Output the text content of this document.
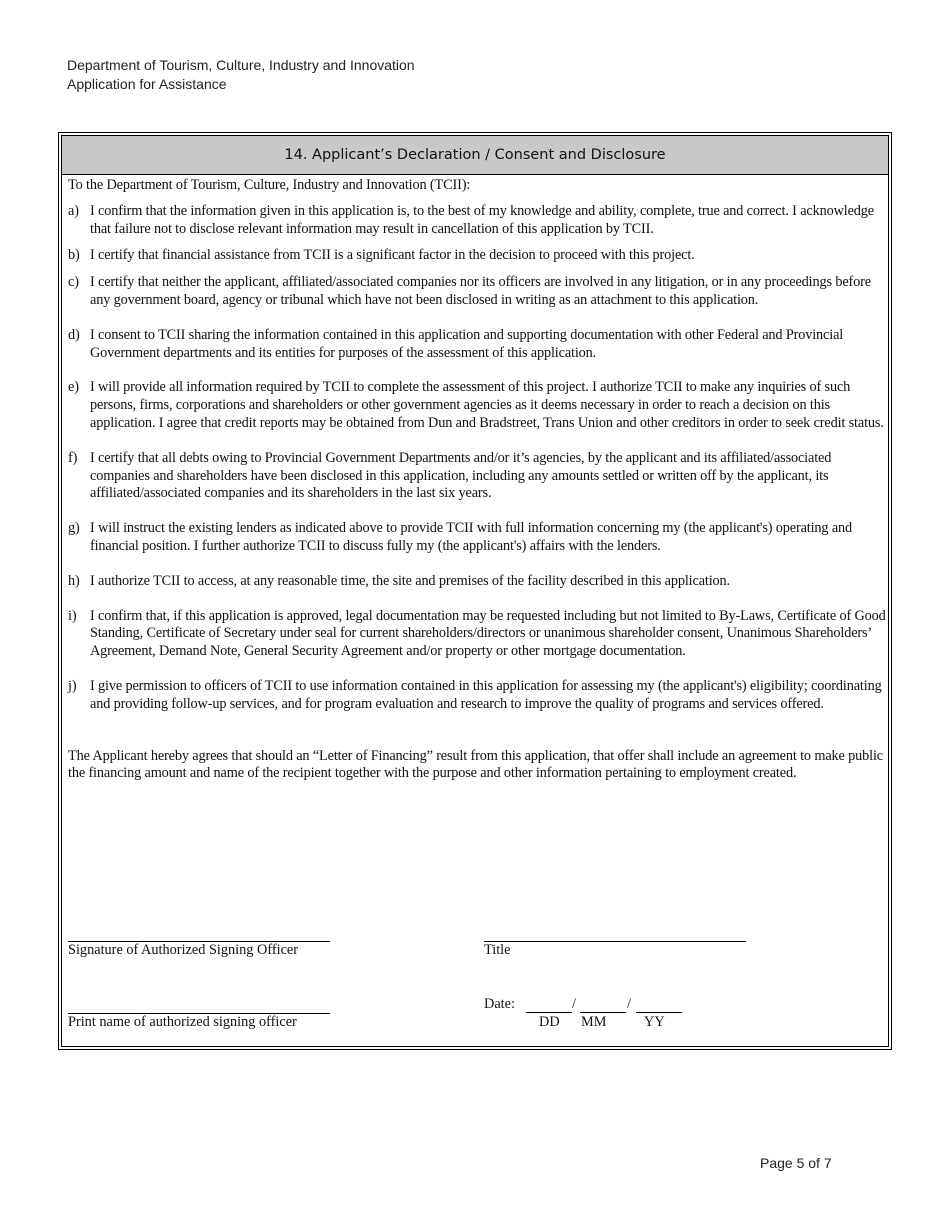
Department of Tourism, Culture, Industry and Innovation
Application for Assistance
14. Applicant’s Declaration / Consent and Disclosure
To the Department of Tourism, Culture, Industry and Innovation (TCII):
a) I confirm that the information given in this application is, to the best of my knowledge and ability, complete, true and correct. I acknowledge that failure not to disclose relevant information may result in cancellation of this application by TCII.
b) I certify that financial assistance from TCII is a significant factor in the decision to proceed with this project.
c) I certify that neither the applicant, affiliated/associated companies nor its officers are involved in any litigation, or in any proceedings before any government board, agency or tribunal which have not been disclosed in writing as an attachment to this application.
d) I consent to TCII sharing the information contained in this application and supporting documentation with other Federal and Provincial Government departments and its entities for purposes of the assessment of this application.
e) I will provide all information required by TCII to complete the assessment of this project. I authorize TCII to make any inquiries of such persons, firms, corporations and shareholders or other government agencies as it deems necessary in order to reach a decision on this application. I agree that credit reports may be obtained from Dun and Bradstreet, Trans Union and other creditors in order to seek credit status.
f) I certify that all debts owing to Provincial Government Departments and/or it’s agencies, by the applicant and its affiliated/associated companies and shareholders have been disclosed in this application, including any amounts settled or written off by the applicant, its affiliated/associated companies and its shareholders in the last six years.
g) I will instruct the existing lenders as indicated above to provide TCII with full information concerning my (the applicant's) operating and financial position. I further authorize TCII to discuss fully my (the applicant's) affairs with the lenders.
h) I authorize TCII to access, at any reasonable time, the site and premises of the facility described in this application.
i) I confirm that, if this application is approved, legal documentation may be requested including but not limited to By-Laws, Certificate of Good Standing, Certificate of Secretary under seal for current shareholders/directors or unanimous shareholder consent, Unanimous Shareholders’ Agreement, Demand Note, General Security Agreement and/or property or other mortgage documentation.
j) I give permission to officers of TCII to use information contained in this application for assessing my (the applicant's) eligibility; coordinating and providing follow-up services, and for program evaluation and research to improve the quality of programs and services offered.
The Applicant hereby agrees that should an “Letter of Financing” result from this application, that offer shall include an agreement to make public the financing amount and name of the recipient together with the purpose and other information pertaining to employment created.
Signature of Authorized Signing Officer	Title
Print name of authorized signing officer
Date:	/	/
DD MM	YY
Page 5 of 7
